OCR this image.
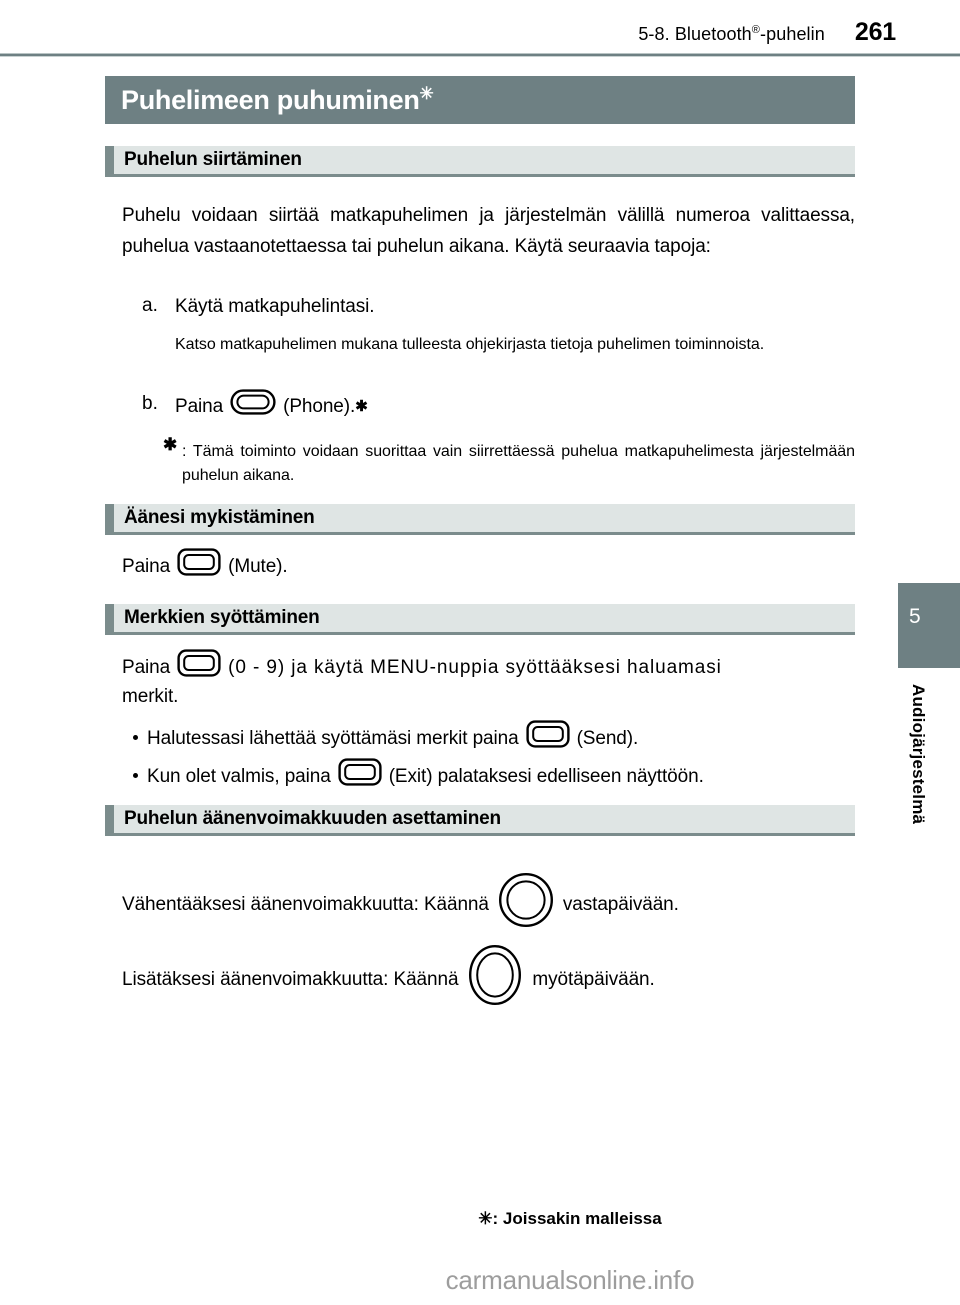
5-8. Bluetooth®-puhelin 261
Puhelimeen puhuminen✳
Puhelun siirtäminen
Puhelu voidaan siirtää matkapuhelimen ja järjestelmän välillä numeroa valittaessa, puhelua vastaanotettaessa tai puhelun aikana. Käytä seuraavia tapoja:
a. Käytä matkapuhelintasi.
Katso matkapuhelimen mukana tulleesta ohjekirjasta tietoja puhelimen toiminnoista.
b. Paina	(Phone). ✱
✱ : Tämä toiminto voidaan suorittaa vain siirrettäessä puhelua matkapuhelimesta järjestelmään puhelun aikana.
Äänesi mykistäminen
Paina	(Mute).
Merkkien syöttäminen
Paina	(0 - 9) ja käytä MENU-nuppia syöttääksesi haluamasi
merkit.
Halutessasi lähettää syöttämäsi merkit paina	(Send).
Kun olet valmis, paina	(Exit) palataksesi edelliseen näyttöön.
Puhelun äänenvoimakkuuden asettaminen
Vähentääksesi äänenvoimakkuutta: Käännä	vastapäivään.
Lisätäksesi äänenvoimakkuutta: Käännä	myötäpäivään.
5
Audiojärjestelmä
✳: Joissakin malleissa
carmanualsonline.info
